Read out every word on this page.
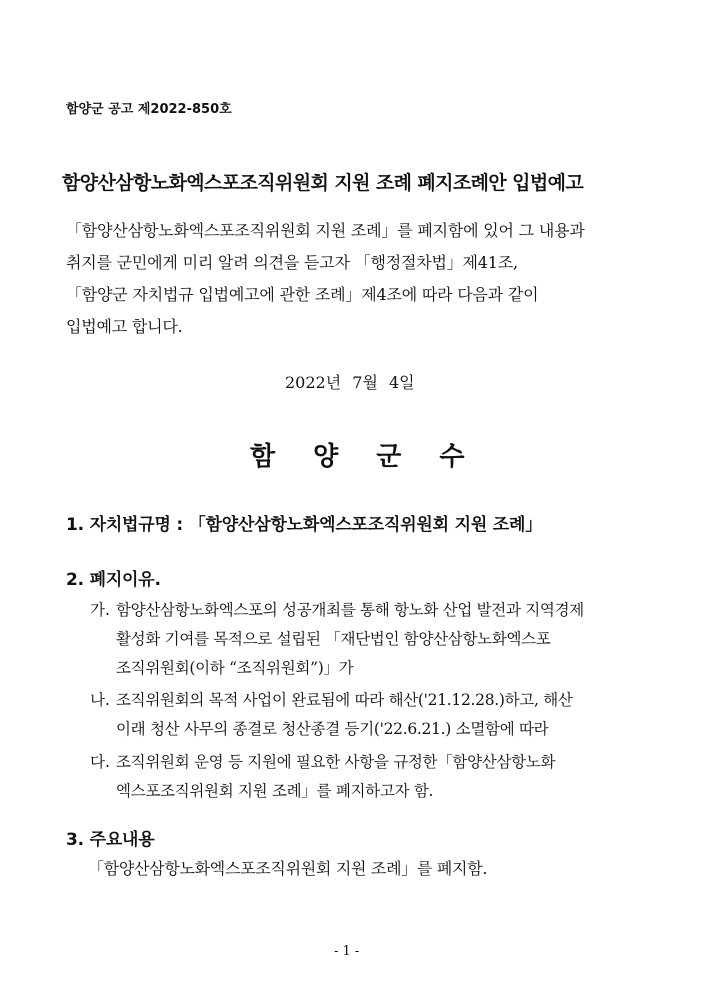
함양군 공고 제2022-850호
함양산삼항노화엑스포조직위원회 지원 조례 폐지조례안 입법예고
「함양산삼항노화엑스포조직위원회 지원 조례」를 폐지함에 있어 그 내용과
취지를 군민에게 미리 알려 의견을 듣고자 「행정절차법」제41조,
「함양군 자치법규 입법예고에 관한 조례」제4조에 따라 다음과 같이
입법예고 합니다.
2022년 7월 4일
함양군수
1. 자치법규명 : 「함양산삼항노화엑스포조직위원회 지원 조례」
2. 폐지이유.
가. 함양산삼항노화엑스포의 성공개최를 통해 항노화 산업 발전과 지역경제
활성화 기여를 목적으로 설립된 「재단법인 함양산삼항노화엑스포
조직위원회(이하 “조직위원회”)」가
나. 조직위원회의 목적 사업이 완료됨에 따라 해산('21.12.28.)하고, 해산
이래 청산 사무의 종결로 청산종결 등기('22.6.21.) 소멸함에 따라
다. 조직위원회 운영 등 지원에 필요한 사항을 규정한「함양산삼항노화
엑스포조직위원회 지원 조례」를 폐지하고자 함.
3. 주요내용
「함양산삼항노화엑스포조직위원회 지원 조례」를 폐지함.
- 1 -
